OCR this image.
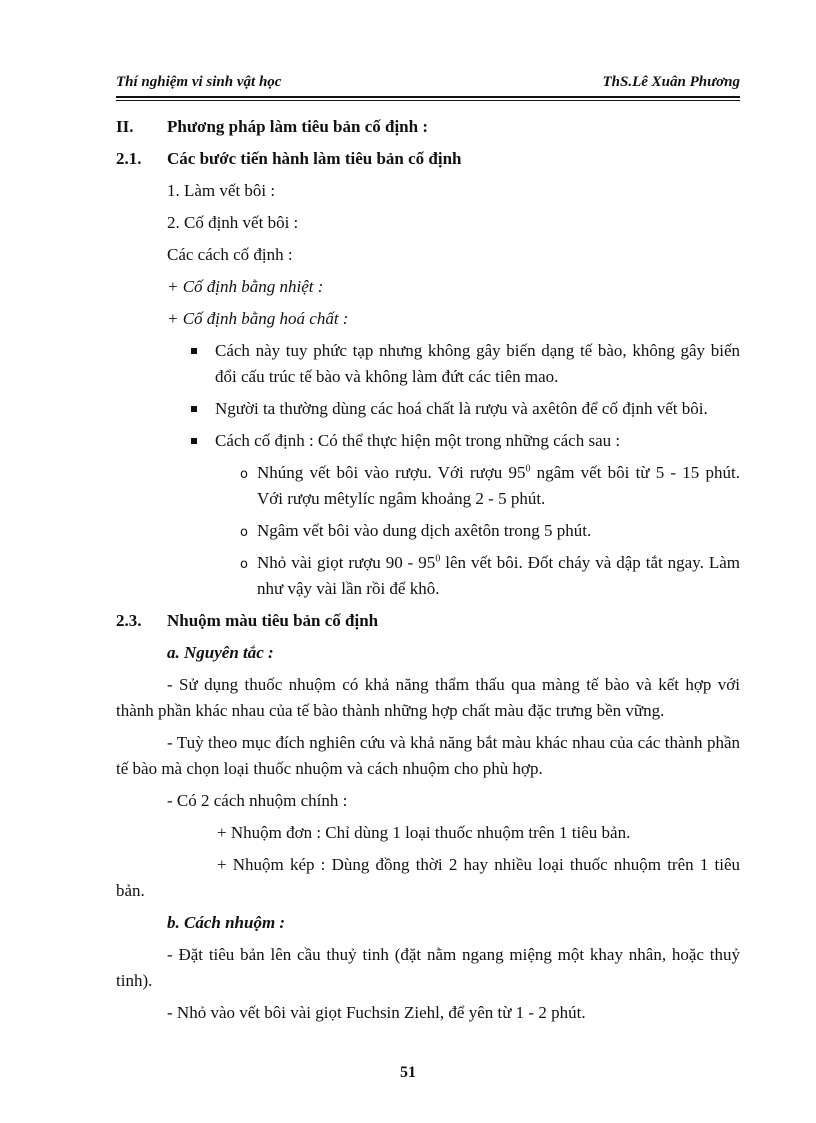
Thí nghiệm vi sinh vật học	ThS.Lê Xuân Phương
II.	Phương pháp làm tiêu bản cố định :
2.1.	Các bước tiến hành làm tiêu bản cố định
1. Làm vết bôi :
2. Cố định vết bôi :
Các cách cố định :
+ Cố định bằng nhiệt :
+ Cố định bằng hoá chất :
Cách này tuy phức tạp nhưng không gây biến dạng tế bào, không gây biến đổi cấu trúc tế bào và không làm đứt các tiên mao.
Người ta thường dùng các hoá chất là rượu và axêtôn để cố định vết bôi.
Cách cố định : Có thể thực hiện một trong những cách sau :
o Nhúng vết bôi vào rượu. Với rượu $95^0$ ngâm vết bôi từ 5 - 15 phút. Với rượu mêtylíc ngâm khoảng 2 - 5 phút.
o Ngâm vết bôi vào dung dịch axêtôn trong 5 phút.
o Nhỏ vài giọt rượu $90 - 95^0$ lên vết bôi. Đốt cháy và dập tắt ngay. Làm như vậy vài lần rồi để khô.
2.3.	Nhuộm màu tiêu bản cố định
a. Nguyên tắc :
- Sử dụng thuốc nhuộm có khả năng thẩm thấu qua màng tế bào và kết hợp với thành phần khác nhau của tế bào thành những hợp chất màu đặc trưng bền vững.
- Tuỳ theo mục đích nghiên cứu và khả năng bắt màu khác nhau của các thành phần tế bào mà chọn loại thuốc nhuộm và cách nhuộm cho phù hợp.
- Có 2 cách nhuộm chính :
+ Nhuộm đơn : Chỉ dùng 1 loại thuốc nhuộm trên 1 tiêu bản.
+ Nhuộm kép : Dùng đồng thời 2 hay nhiều loại thuốc nhuộm trên 1 tiêu bản.
b. Cách nhuộm :
- Đặt tiêu bản lên cầu thuỷ tinh (đặt nằm ngang miệng một khay nhân, hoặc thuỷ tinh).
- Nhỏ vào vết bôi vài giọt Fuchsin Ziehl, để yên từ 1 - 2 phút.
51
